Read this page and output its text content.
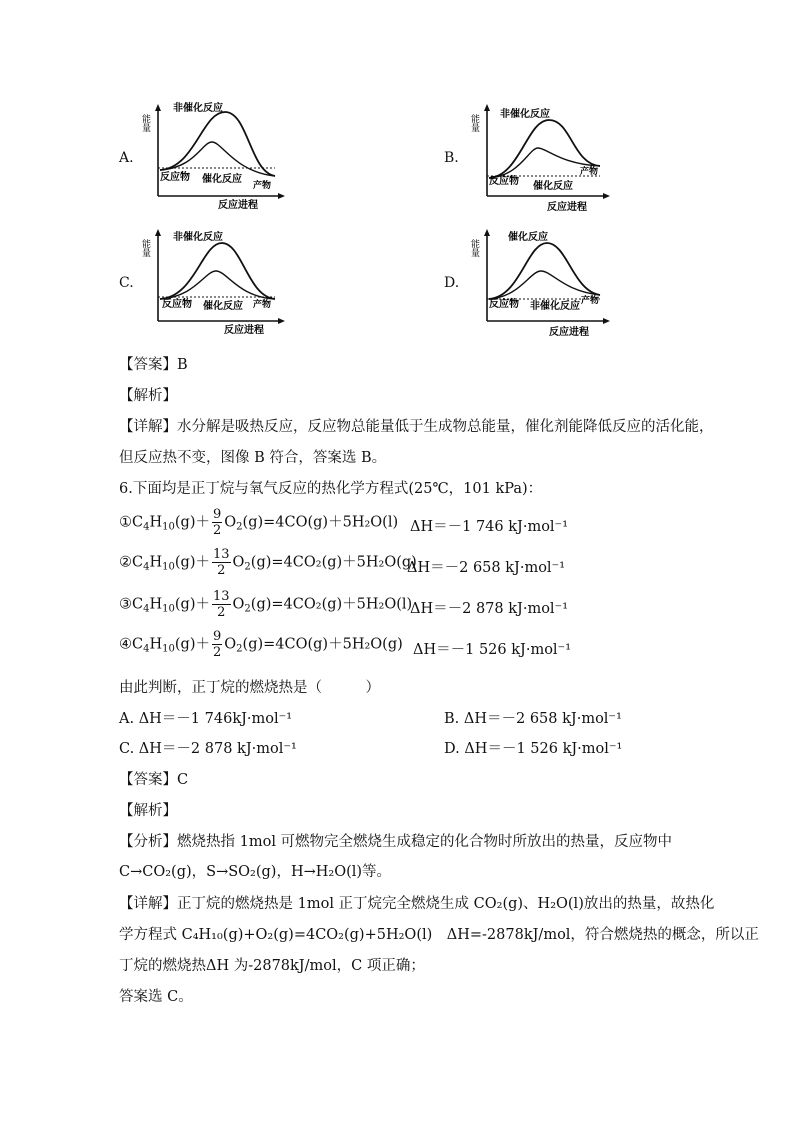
A.
能量
非催化反应
反应物 催化反应
产物
反应进程
B.
能量 非催化反应
反应物 催化反应
产物
反应进程
C.
能量
非催化反应
反应物 催化反应 产物
反应进程
D.
能量
催化反应
反应物 非催化反应 产物
反应进程
【答案】B
【解析】
【详解】水分解是吸热反应，反应物总能量低于生成物总能量，催化剂能降低反应的活化能，
但反应热不变，图像 B 符合，答案选 B。
6.下面均是正丁烷与氧气反应的热化学方程式(25℃，101 kPa)：
$①C_4H_{10}(g)+ \frac{9}{2} O_2(g)=4CO(g)+5H_2O(l)$ ΔH＝－1 746 kJ·mol⁻¹
$②C_4H_{10}(g)+ \frac{13}{2} O_2(g)=4CO_2(g)+5H_2O(g)$
ΔH＝－2 658 kJ·mol⁻¹
$③C_4H_{10}(g)+ \frac{13}{2} O_2(g)=4CO_2(g)+5H_2O(l)$
ΔH＝－2 878 kJ·mol⁻¹
$④C_4H_{10}(g)+ \frac{9}{2} O_2(g)=4CO(g)+5H_2O(g)$ ΔH＝－1 526 kJ·mol⁻¹
由此判断，正丁烷的燃烧热是（　　　）
A. ΔH＝－1 746kJ·mol⁻¹	B. ΔH＝－2 658 kJ·mol⁻¹
C. ΔH＝－2 878 kJ·mol⁻¹	D. ΔH＝－1 526 kJ·mol⁻¹
【答案】C
【解析】
【分析】燃烧热指 1mol 可燃物完全燃烧生成稳定的化合物时所放出的热量，反应物中
C→CO₂(g)，S→SO₂(g)，H→H₂O(l)等。
【详解】正丁烷的燃烧热是 1mol 正丁烷完全燃烧生成 CO₂(g)、H₂O(l)放出的热量，故热化
学方程式 C₄H₁₀(g)+O₂(g)=4CO₂(g)+5H₂O(l)　ΔH=-2878kJ/mol，符合燃烧热的概念，所以正
丁烷的燃烧热ΔH 为-2878kJ/mol，C 项正确；
答案选 C。
